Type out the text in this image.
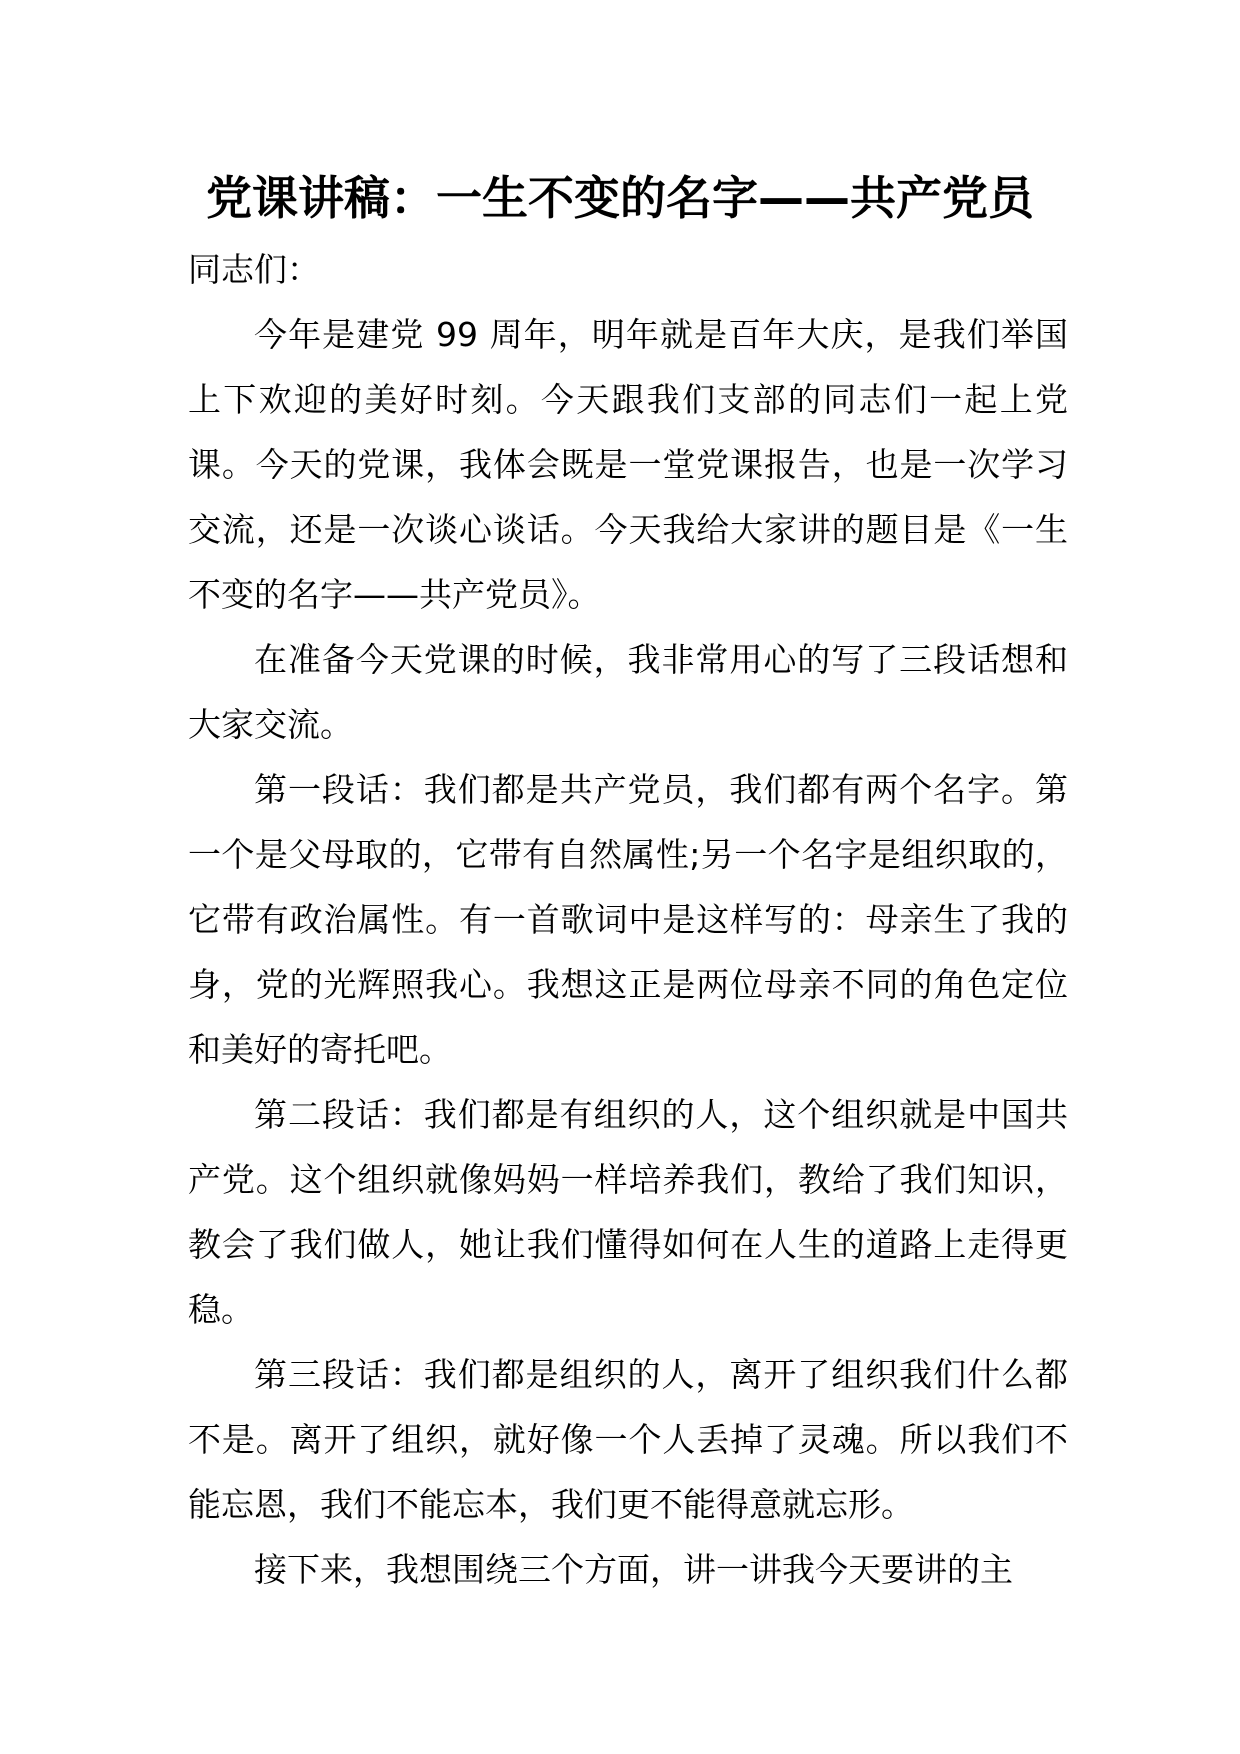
党课讲稿：一生不变的名字——共产党员

同志们：

今年是建党 99 周年，明年就是百年大庆，是我们举国上下欢迎的美好时刻。今天跟我们支部的同志们一起上党课。今天的党课，我体会既是一堂党课报告，也是一次学习交流，还是一次谈心谈话。今天我给大家讲的题目是《一生不变的名字——共产党员》。

在准备今天党课的时候，我非常用心的写了三段话想和大家交流。

第一段话：我们都是共产党员，我们都有两个名字。第一个是父母取的，它带有自然属性;另一个名字是组织取的，它带有政治属性。有一首歌词中是这样写的：母亲生了我的身，党的光辉照我心。我想这正是两位母亲不同的角色定位和美好的寄托吧。

第二段话：我们都是有组织的人，这个组织就是中国共产党。这个组织就像妈妈一样培养我们，教给了我们知识，教会了我们做人，她让我们懂得如何在人生的道路上走得更稳。

第三段话：我们都是组织的人，离开了组织我们什么都不是。离开了组织，就好像一个人丢掉了灵魂。所以我们不能忘恩，我们不能忘本，我们更不能得意就忘形。

接下来，我想围绕三个方面，讲一讲我今天要讲的主
